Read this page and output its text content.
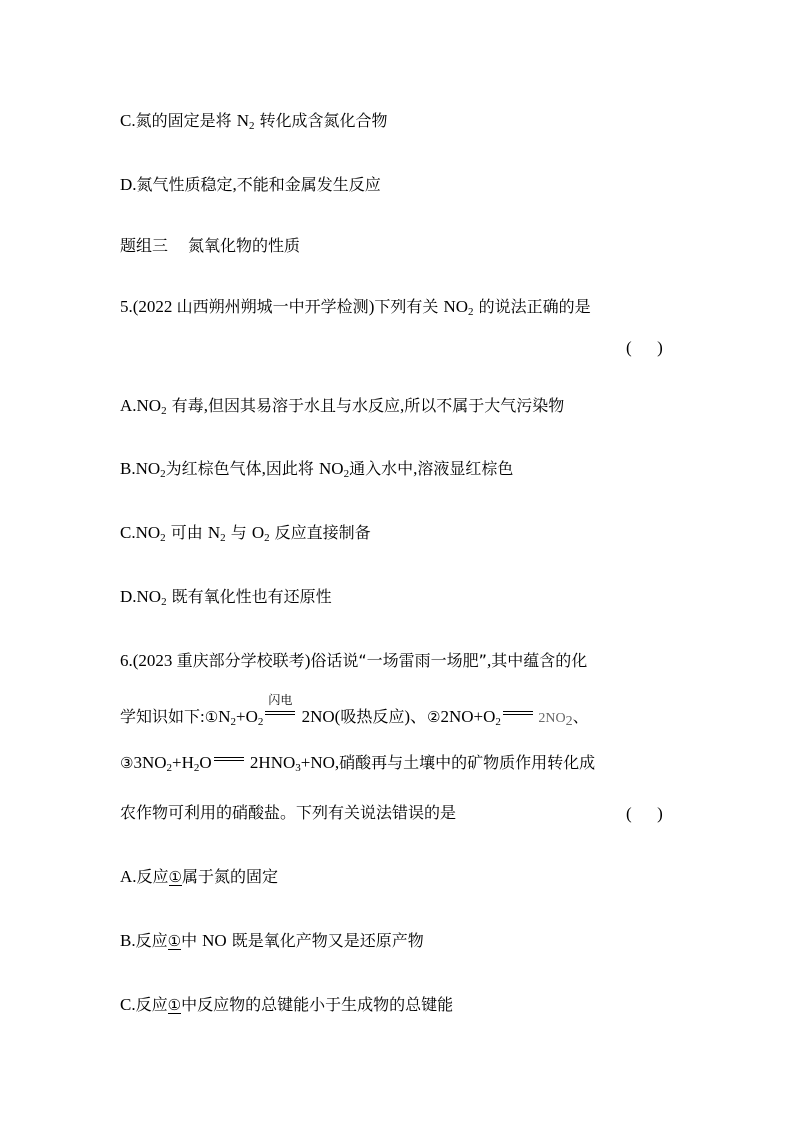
C.氮的固定是将 $N_2$ 转化成含氮化合物
D.氮气性质稳定,不能和金属发生反应
题组三 氮氧化物的性质
5.(2022 山西朔州朔城一中开学检测)下列有关 $NO_2$ 的说法正确的是
(      )
$A.NO_2$ 有毒,但因其易溶于水且与水反应,所以不属于大气污染物
$B.NO_2$为红棕色气体,因此将 $NO_2$通入水中,溶液显红棕色
$C.NO_2$ 可由 $N_2$ 与 $O_2$ 反应直接制备
$D.NO_2$ 既有氧化性也有还原性
6.(2023 重庆部分学校联考)俗话说“一场雷雨一场肥”,其中蕴含的化
学知识如下$:①N_2+O_2$
闪电
2NO(吸热反应)、$②2NO+O_2$
$2NO_2$、
$③3NO_2+H_2O$
$2HNO_3+NO$,硝酸再与土壤中的矿物质作用转化成
农作物可利用的硝酸盐。下列有关说法错误的是	(      )
A.反应①属于氮的固定
B.反应①中 NO 既是氧化产物又是还原产物
C.反应①中反应物的总键能小于生成物的总键能
